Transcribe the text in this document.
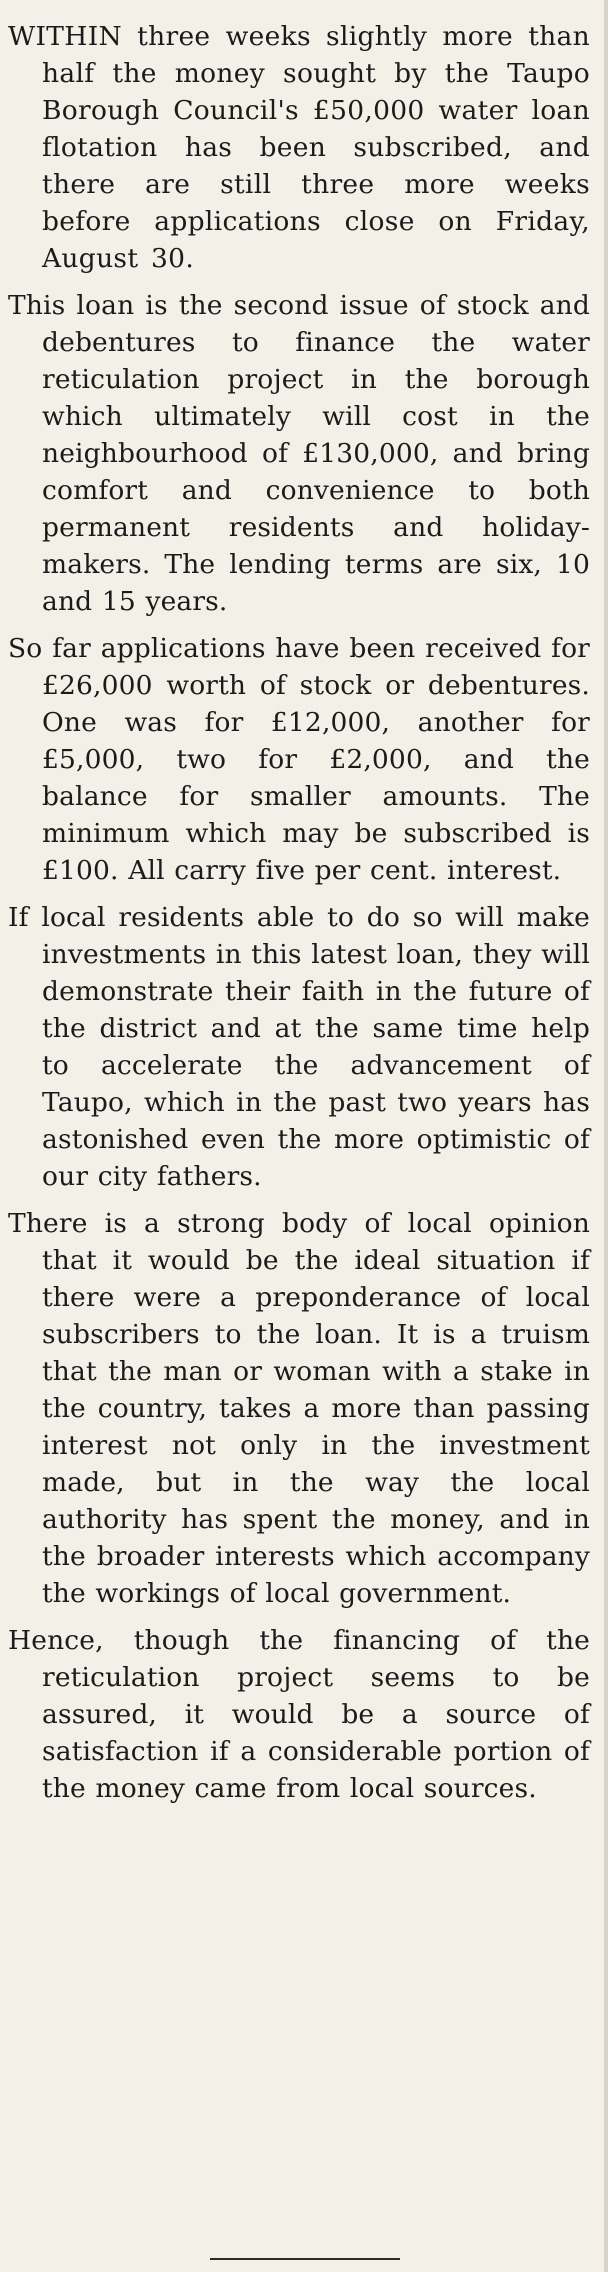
WITHIN three weeks slightly more than half the money sought by the Taupo Borough Council's £50,000 water loan flotation has been subscribed, and there are still three more weeks before applications close on Friday, August 30.

This loan is the second issue of stock and debentures to finance the water reticulation project in the borough which ultimately will cost in the neighbourhood of £130,000, and bring comfort and convenience to both permanent residents and holiday-makers. The lending terms are six, 10 and 15 years.

So far applications have been received for £26,000 worth of stock or debentures. One was for £12,000, another for £5,000, two for £2,000, and the balance for smaller amounts. The minimum which may be subscribed is £100. All carry five per cent. interest.

If local residents able to do so will make investments in this latest loan, they will demonstrate their faith in the future of the district and at the same time help to accelerate the advancement of Taupo, which in the past two years has astonished even the more optimistic of our city fathers.

There is a strong body of local opinion that it would be the ideal situation if there were a preponderance of local subscribers to the loan. It is a truism that the man or woman with a stake in the country, takes a more than passing interest not only in the investment made, but in the way the local authority has spent the money, and in the broader interests which accompany the workings of local government.

Hence, though the financing of the reticulation project seems to be assured, it would be a source of satisfaction if a considerable portion of the money came from local sources.
